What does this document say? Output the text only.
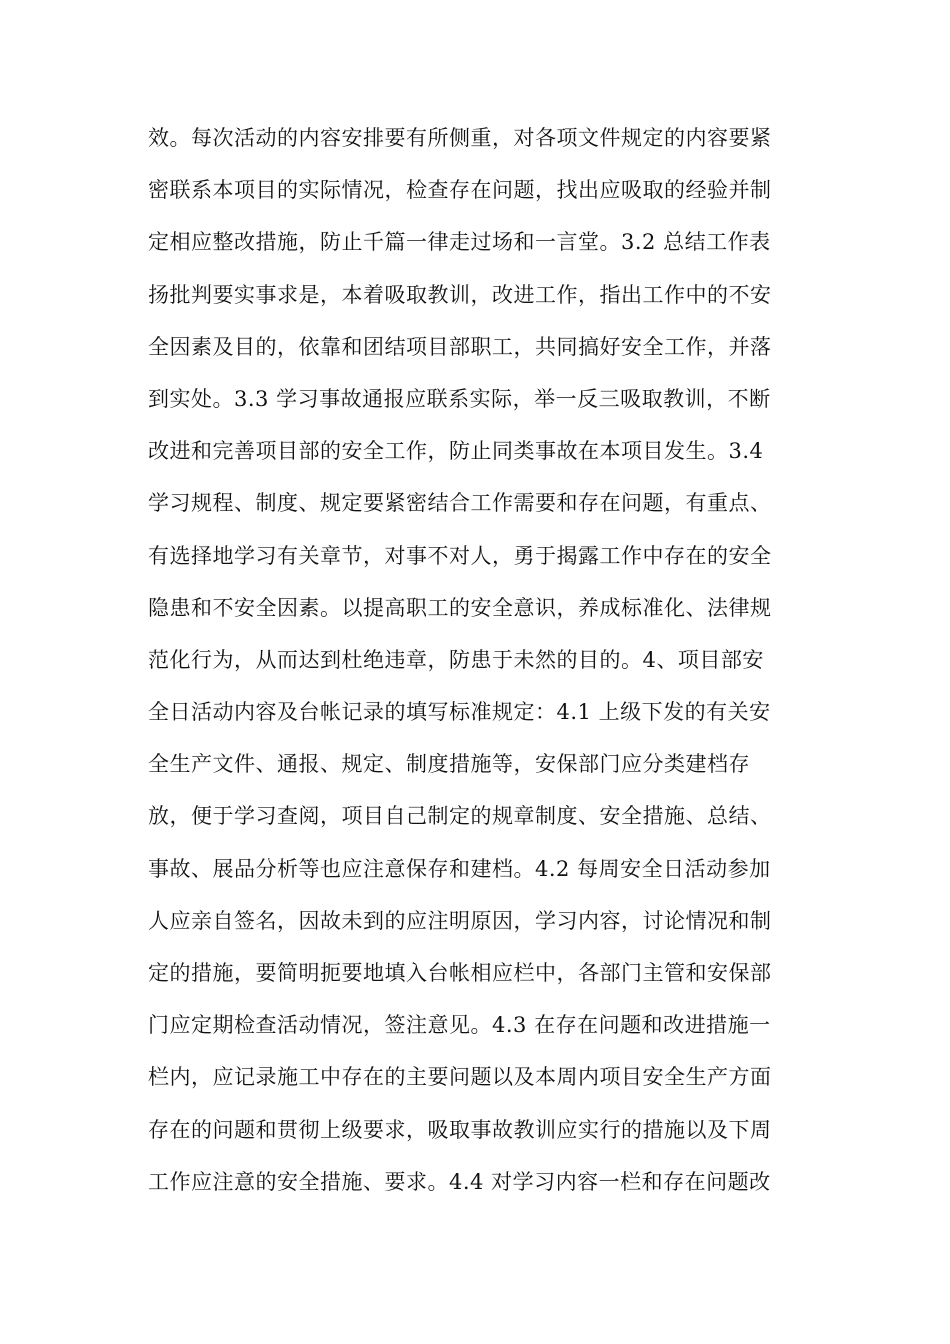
效。每次活动的内容安排要有所侧重，对各项文件规定的内容要紧
密联系本项目的实际情况，检查存在问题，找出应吸取的经验并制
定相应整改措施，防止千篇一律走过场和一言堂。3.2 总结工作表
扬批判要实事求是，本着吸取教训，改进工作，指出工作中的不安
全因素及目的，依靠和团结项目部职工，共同搞好安全工作，并落
到实处。3.3 学习事故通报应联系实际，举一反三吸取教训，不断
改进和完善项目部的安全工作，防止同类事故在本项目发生。3.4
学习规程、制度、规定要紧密结合工作需要和存在问题，有重点、
有选择地学习有关章节，对事不对人，勇于揭露工作中存在的安全
隐患和不安全因素。以提高职工的安全意识，养成标准化、法律规
范化行为，从而达到杜绝违章，防患于未然的目的。4、项目部安
全日活动内容及台帐记录的填写标准规定：4.1 上级下发的有关安
全生产文件、通报、规定、制度措施等，安保部门应分类建档存
放，便于学习查阅，项目自己制定的规章制度、安全措施、总结、
事故、展品分析等也应注意保存和建档。4.2 每周安全日活动参加
人应亲自签名，因故未到的应注明原因，学习内容，讨论情况和制
定的措施，要简明扼要地填入台帐相应栏中，各部门主管和安保部
门应定期检查活动情况，签注意见。4.3 在存在问题和改进措施一
栏内，应记录施工中存在的主要问题以及本周内项目安全生产方面
存在的问题和贯彻上级要求，吸取事故教训应实行的措施以及下周
工作应注意的安全措施、要求。4.4 对学习内容一栏和存在问题改
